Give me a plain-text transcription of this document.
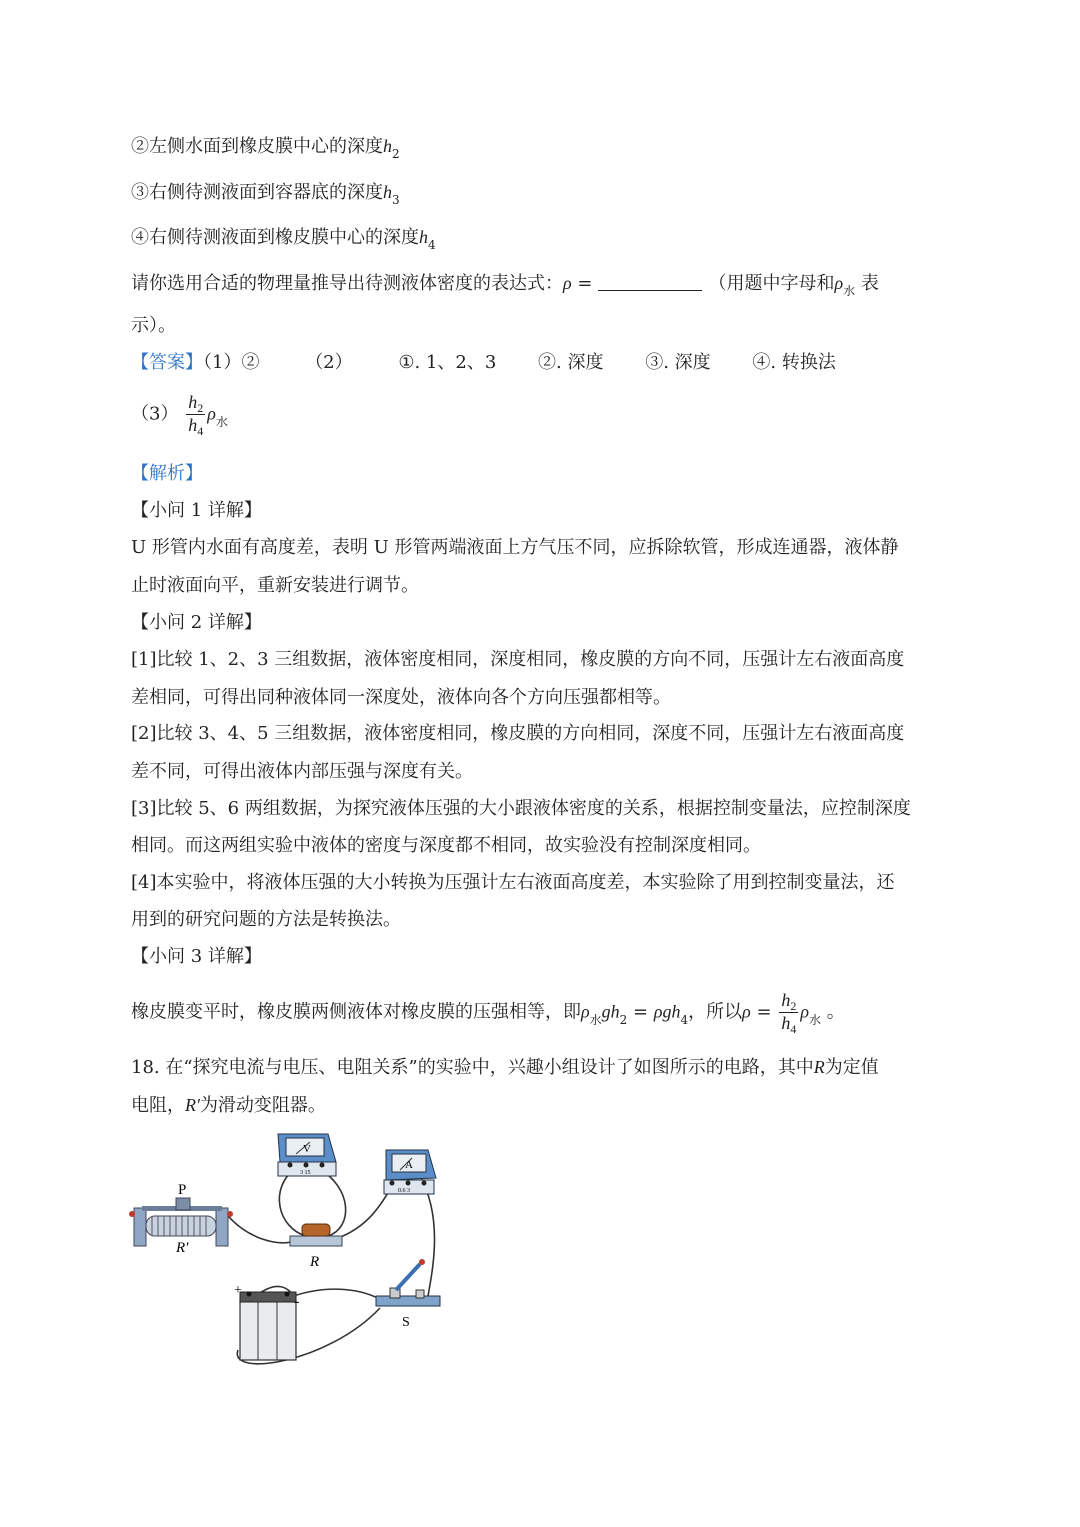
②左侧水面到橡皮膜中心的深度$h_2$
③右侧待测液面到容器底的深度$h_3$
④右侧待测液面到橡皮膜中心的深度$h_4$
请你选用合适的物理量推导出待测液体密度的表达式：ρ =	（用题中字母和$\rho_水$ 表
示）。
【答案】（1）②	（2）	①. 1、2、3 ②. 深度 ③. 深度 ④. 转换法
$(3) \frac{h_2}{h_4} \rho_水$
【解析】
【小问 1 详解】
U 形管内水面有高度差，表明 U 形管两端液面上方气压不同，应拆除软管，形成连通器，液体静
止时液面向平，重新安装进行调节。
【小问 2 详解】
[1]比较 1、2、3 三组数据，液体密度相同，深度相同，橡皮膜的方向不同，压强计左右液面高度
差相同，可得出同种液体同一深度处，液体向各个方向压强都相等。
[2]比较 3、4、5 三组数据，液体密度相同，橡皮膜的方向相同，深度不同，压强计左右液面高度
差不同，可得出液体内部压强与深度有关。
[3]比较 5、6 两组数据，为探究液体压强的大小跟液体密度的关系，根据控制变量法，应控制深度
相同。而这两组实验中液体的密度与深度都不相同，故实验没有控制深度相同。
[4]本实验中，将液体压强的大小转换为压强计左右液面高度差，本实验除了用到控制变量法，还
用到的研究问题的方法是转换法。
【小问 3 详解】
橡皮膜变平时，橡皮膜两侧液体对橡皮膜的压强相等，即$\rho_水gh_2 = \rho gh_4$，所以$\rho = \frac{h_2}{h_4} \rho_水$ 。
18. 在“探究电流与电压、电阻关系”的实验中，兴趣小组设计了如图所示的电路，其中R为定值
电阻，R′为滑动变阻器。
P
R′
V
3 15
A
0.6 3
R
+
-
S
